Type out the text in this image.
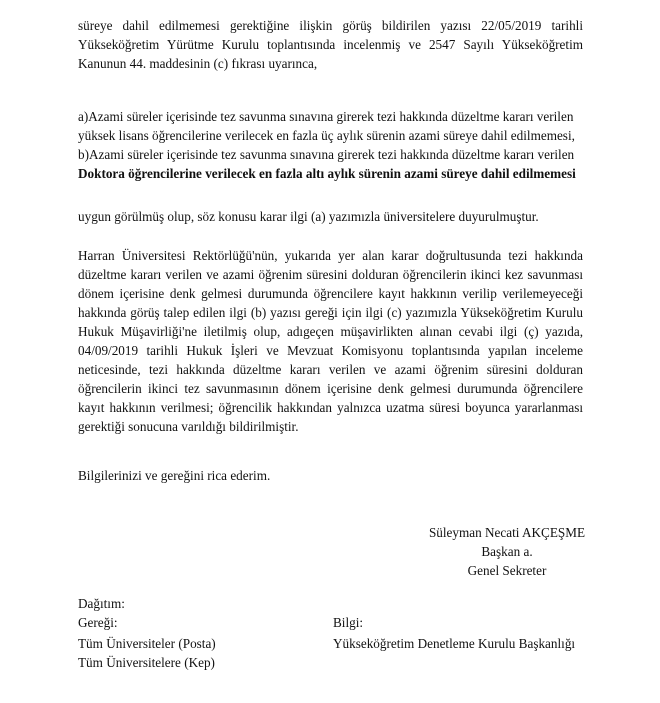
süreye dahil edilmemesi gerektiğine ilişkin görüş bildirilen yazısı 22/05/2019 tarihli
Yükseköğretim Yürütme Kurulu toplantısında incelenmiş ve 2547 Sayılı Yükseköğretim
Kanunun 44. maddesinin (c) fıkrası uyarınca,
a)Azami süreler içerisinde tez savunma sınavına girerek tezi hakkında düzeltme kararı verilen
yüksek lisans öğrencilerine verilecek en fazla üç aylık sürenin azami süreye dahil edilmemesi,
b)Azami süreler içerisinde tez savunma sınavına girerek tezi hakkında düzeltme kararı verilen
Doktora öğrencilerine verilecek en fazla altı aylık sürenin azami süreye dahil edilmemesi
uygun görülmüş olup, söz konusu karar ilgi (a) yazımızla üniversitelere duyurulmuştur.
Harran Üniversitesi Rektörlüğü'nün, yukarıda yer alan karar doğrultusunda tezi hakkında
düzeltme kararı verilen ve azami öğrenim süresini dolduran öğrencilerin ikinci kez savunması
dönem içerisine denk gelmesi durumunda öğrencilere kayıt hakkının verilip verilemeyeceği
hakkında görüş talep edilen ilgi (b) yazısı gereği için ilgi (c) yazımızla Yükseköğretim Kurulu
Hukuk Müşavirliği'ne iletilmiş olup, adıgeçen müşavirlikten alınan cevabi ilgi (ç) yazıda,
04/09/2019 tarihli Hukuk İşleri ve Mevzuat Komisyonu toplantısında yapılan inceleme
neticesinde, tezi hakkında düzeltme kararı verilen ve azami öğrenim süresini dolduran
öğrencilerin ikinci tez savunmasının dönem içerisine denk gelmesi durumunda öğrencilere
kayıt hakkının verilmesi; öğrencilik hakkından yalnızca uzatma süresi boyunca yararlanması
gerektiği sonucuna varıldığı bildirilmiştir.
Bilgilerinizi ve gereğini rica ederim.
Süleyman Necati AKÇEŞME
Başkan a.
Genel Sekreter
Dağıtım:
Gereği:
Tüm Üniversiteler (Posta)
Tüm Üniversitelere (Kep)
Bilgi:
Yükseköğretim Denetleme Kurulu Başkanlığı
